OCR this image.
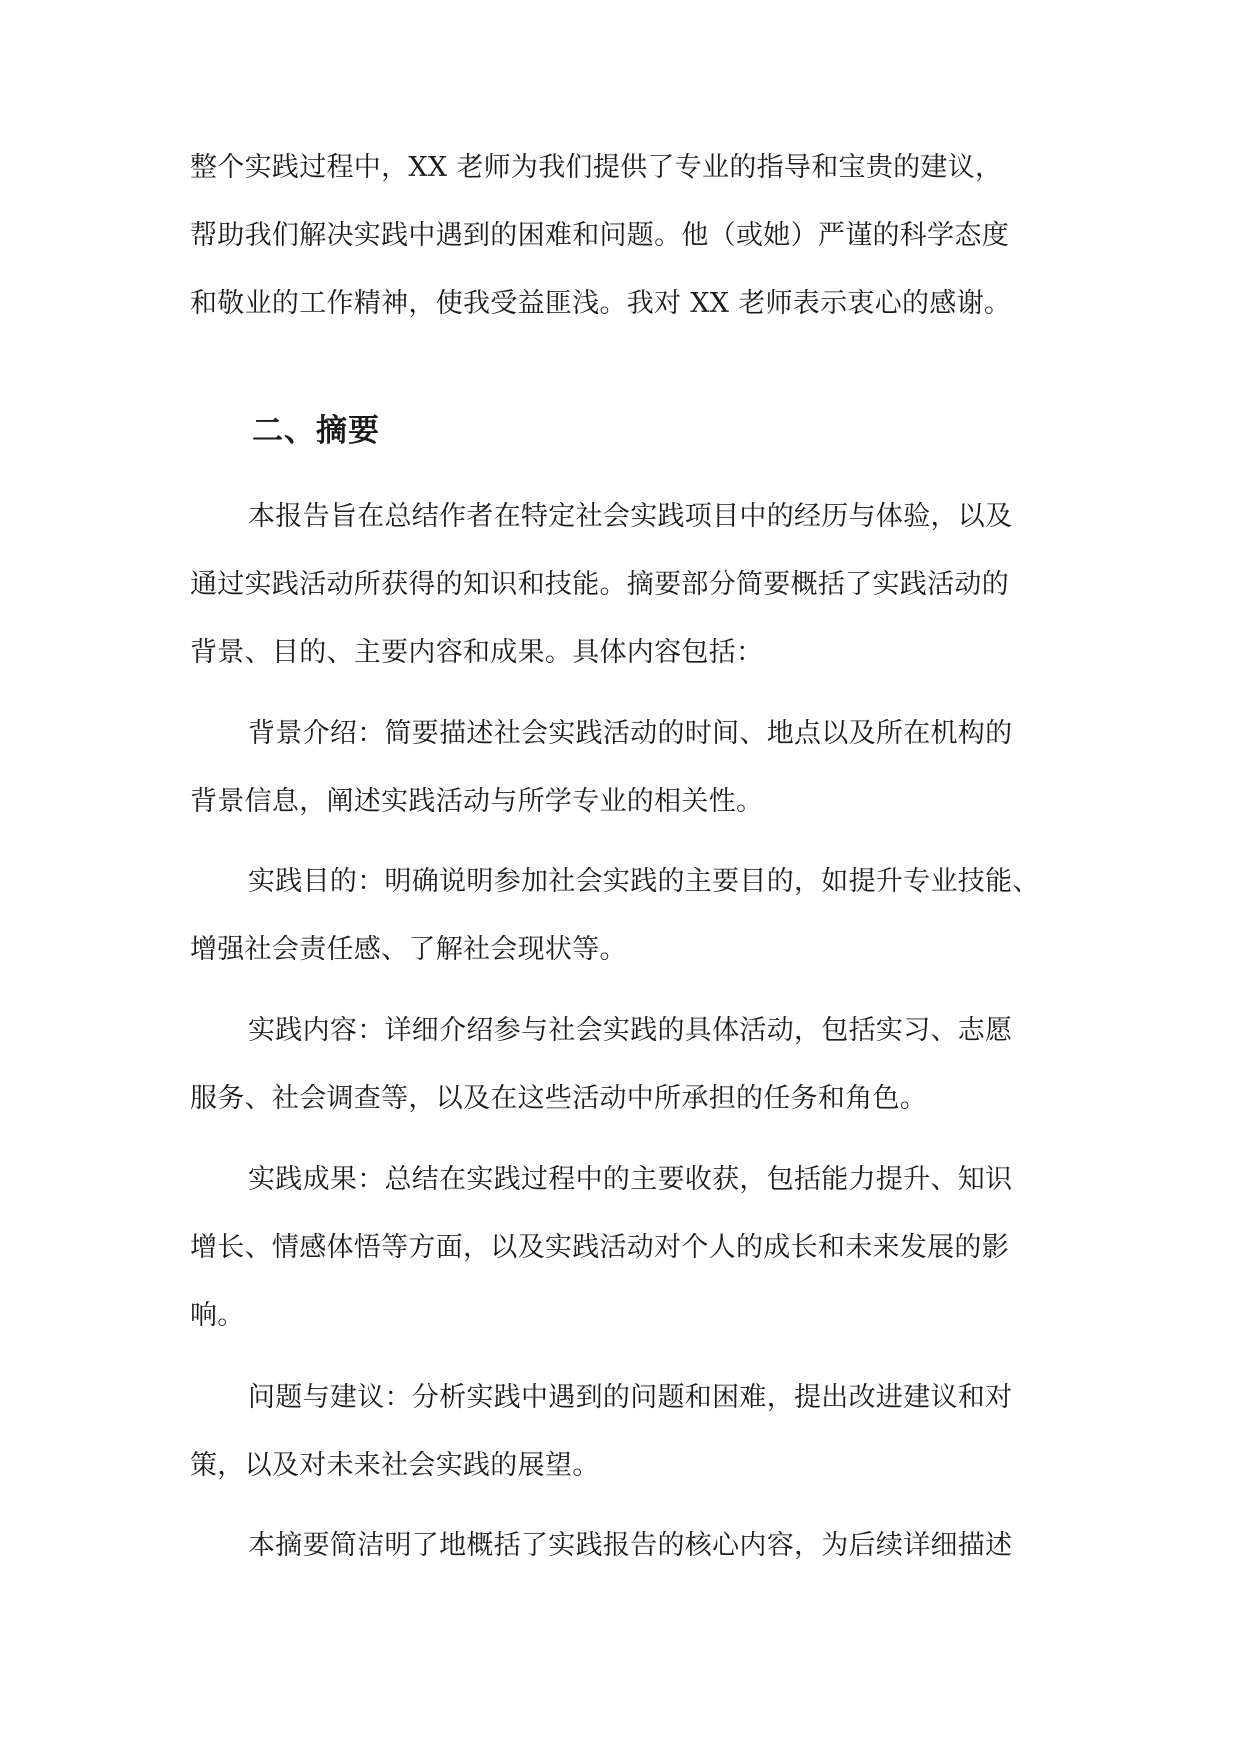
整个实践过程中，XX 老师为我们提供了专业的指导和宝贵的建议，
帮助我们解决实践中遇到的困难和问题。他（或她）严谨的科学态度
和敬业的工作精神，使我受益匪浅。我对 XX 老师表示衷心的感谢。
二、摘要
本报告旨在总结作者在特定社会实践项目中的经历与体验，以及
通过实践活动所获得的知识和技能。摘要部分简要概括了实践活动的
背景、目的、主要内容和成果。具体内容包括：
背景介绍：简要描述社会实践活动的时间、地点以及所在机构的
背景信息，阐述实践活动与所学专业的相关性。
实践目的：明确说明参加社会实践的主要目的，如提升专业技能、
增强社会责任感、了解社会现状等。
实践内容：详细介绍参与社会实践的具体活动，包括实习、志愿
服务、社会调查等，以及在这些活动中所承担的任务和角色。
实践成果：总结在实践过程中的主要收获，包括能力提升、知识
增长、情感体悟等方面，以及实践活动对个人的成长和未来发展的影
响。
问题与建议：分析实践中遇到的问题和困难，提出改进建议和对
策，以及对未来社会实践的展望。
本摘要简洁明了地概括了实践报告的核心内容，为后续详细描述
